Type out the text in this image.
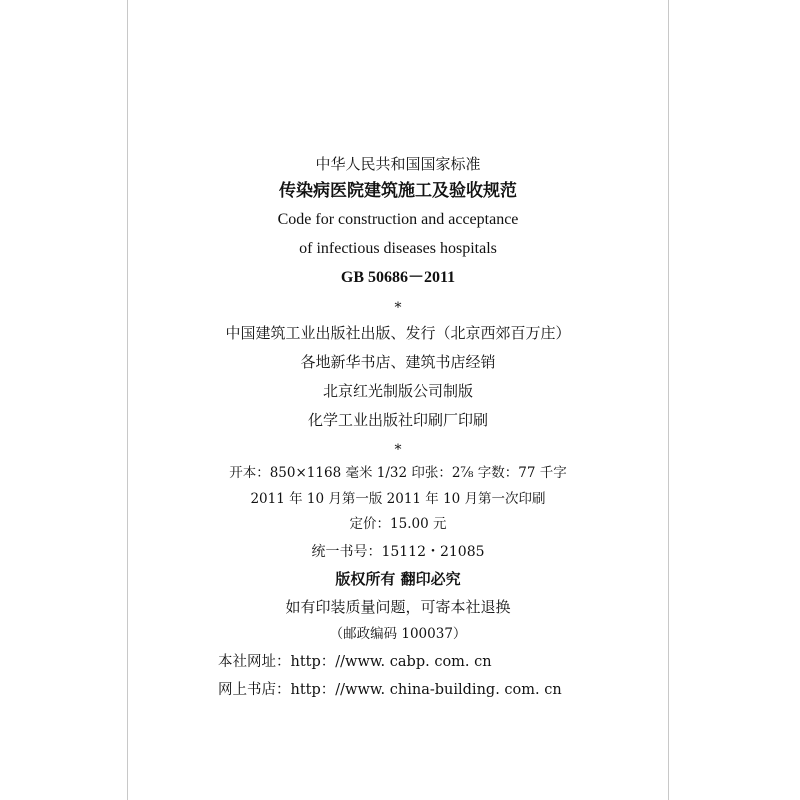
中华人民共和国国家标准
传染病医院建筑施工及验收规范
Code for construction and acceptance
of infectious diseases hospitals
GB 50686－2011
*
中国建筑工业出版社出版、发行（北京西郊百万庄）
各地新华书店、建筑书店经销
北京红光制版公司制版
化学工业出版社印刷厂印刷
*
开本：850×1168 毫米 1/32 印张：2⅞ 字数：77 千字
2011 年 10 月第一版 2011 年 10 月第一次印刷
定价：15.00 元
统一书号：15112・21085
版权所有 翻印必究
如有印装质量问题，可寄本社退换
（邮政编码 100037）
本社网址：http：//www. cabp. com. cn
网上书店：http：//www. china-building. com. cn
